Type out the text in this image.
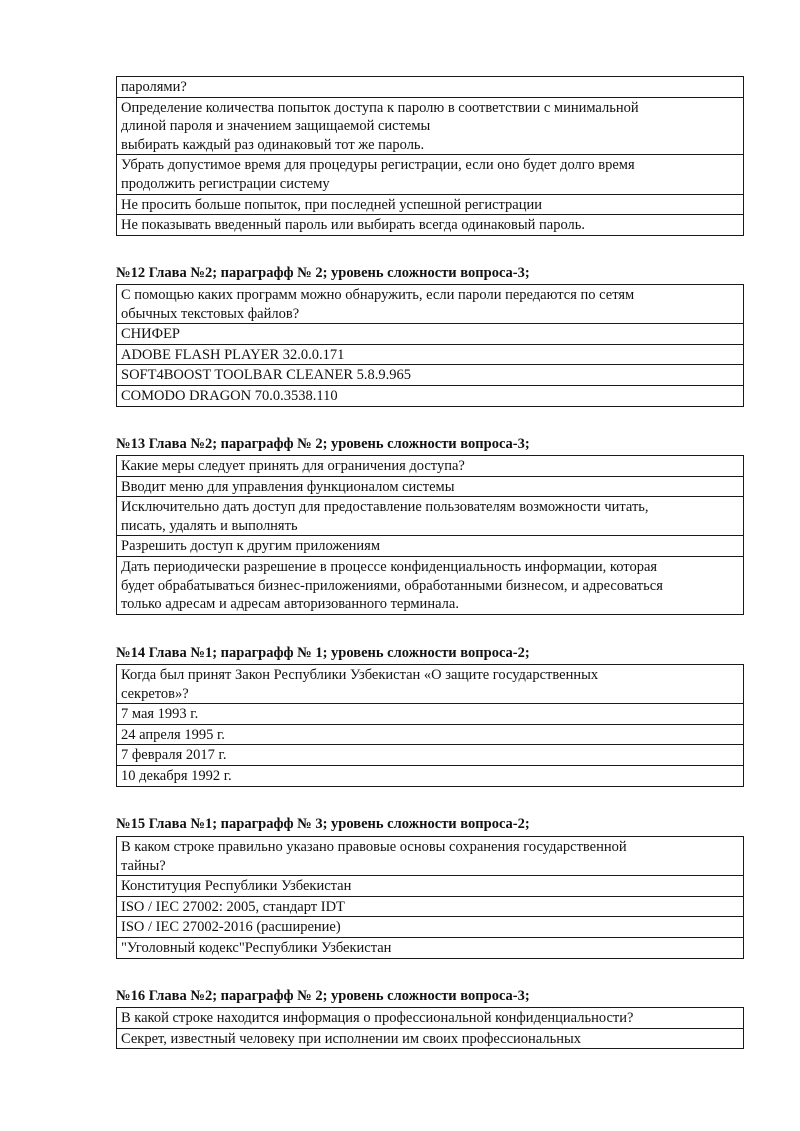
паролями?
Определение количества попыток доступа к паролю в соответствии с минимальной
длиной пароля и значением защищаемой системы
выбирать каждый раз одинаковый тот же пароль.
Убрать допустимое время для процедуры регистрации, если оно будет долго время
продолжить регистрации систему
Не просить больше попыток, при последней успешной регистрации
Не показывать введенный пароль или выбирать всегда одинаковый пароль.
№12 Глава №2; параграфф № 2; уровень сложности вопроса-3;
С помощью каких программ можно обнаружить, если пароли передаются по сетям
обычных текстовых файлов?
СНИФЕР
ADOBE FLASH PLAYER 32.0.0.171
SOFT4BOOST TOOLBAR CLEANER 5.8.9.965
COMODO DRAGON 70.0.3538.110
№13 Глава №2; параграфф № 2; уровень сложности вопроса-3;
Какие меры следует принять для ограничения доступа?
Вводит меню для управления функционалом системы
Исключительно дать доступ для предоставление пользователям возможности читать,
писать, удалять и выполнять
Разрешить доступ к другим приложениям
Дать периодически разрешение в процессе конфиденциальность информации, которая
будет обрабатываться бизнес-приложениями, обработанными бизнесом, и адресоваться
только адресам и адресам авторизованного терминала.
№14 Глава №1; параграфф № 1; уровень сложности вопроса-2;
Когда был принят Закон Республики Узбекистан «О защите государственных
секретов»?
7 мая 1993 г.
24 апреля 1995 г.
7 февраля 2017 г.
10 декабря 1992 г.
№15 Глава №1; параграфф № 3; уровень сложности вопроса-2;
В каком строке правильно указано правовые основы сохранения государственной
тайны?
Конституция Республики Узбекистан
ISO / IEC 27002: 2005, стандарт IDT
ISO / IEC 27002-2016 (расширение)
"Уголовный кодекс"Республики Узбекистан
№16 Глава №2; параграфф № 2; уровень сложности вопроса-3;
В какой строке находится информация о профессиональной конфиденциальности?
Секрет, известный человеку при исполнении им своих профессиональных
